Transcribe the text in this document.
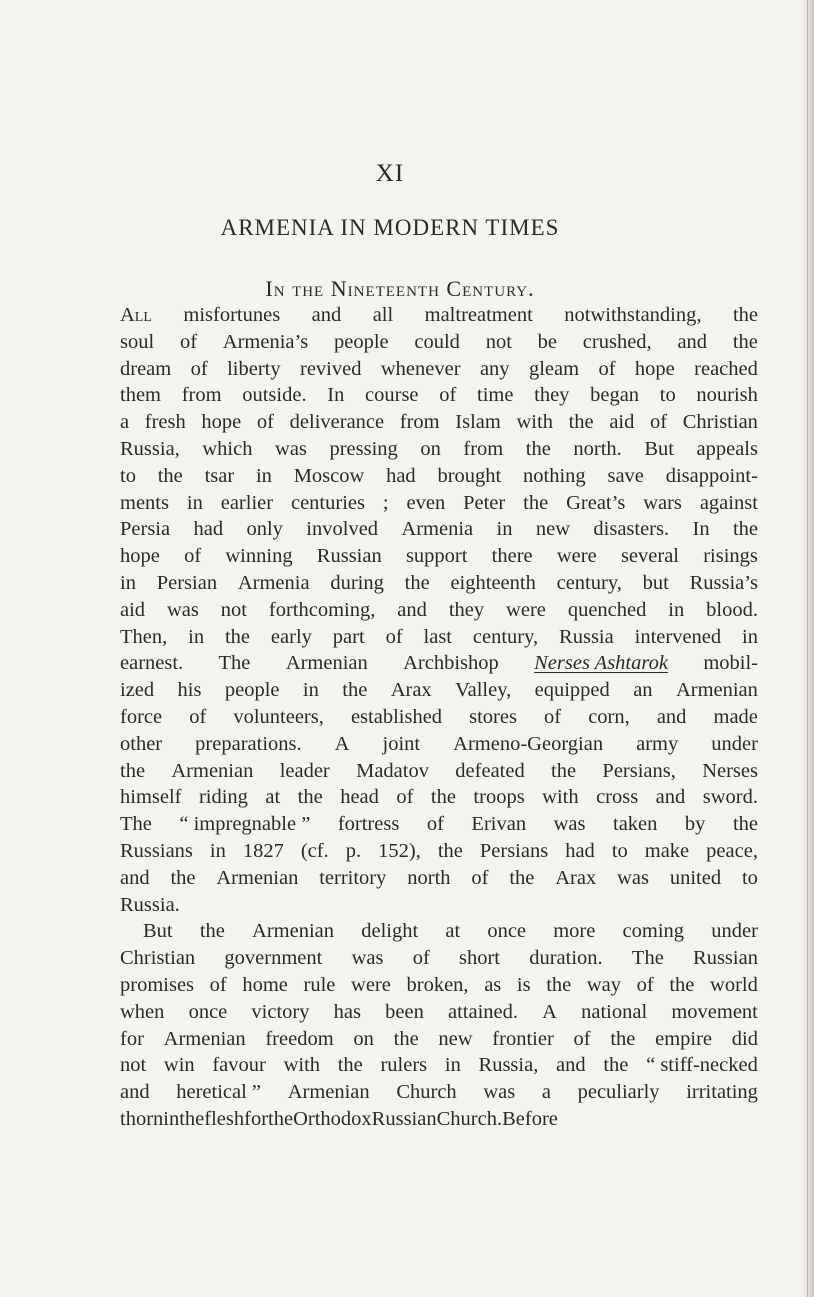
XI
ARMENIA IN MODERN TIMES
In the Nineteenth Century.
All misfortunes and all maltreatment notwithstanding, the
soul of Armenia’s people could not be crushed, and the
dream of liberty revived whenever any gleam of hope reached
them from outside. In course of time they began to nourish
a fresh hope of deliverance from Islam with the aid of Christian
Russia, which was pressing on from the north. But appeals
to the tsar in Moscow had brought nothing save disappoint-
ments in earlier centuries ; even Peter the Great’s wars against
Persia had only involved Armenia in new disasters. In the
hope of winning Russian support there were several risings
in Persian Armenia during the eighteenth century, but Russia’s
aid was not forthcoming, and they were quenched in blood.
Then, in the early part of last century, Russia intervened in
earnest. The Armenian Archbishop Nerses Ashtarok mobil-
ized his people in the Arax Valley, equipped an Armenian
force of volunteers, established stores of corn, and made
other preparations. A joint Armeno-Georgian army under
the Armenian leader Madatov defeated the Persians, Nerses
himself riding at the head of the troops with cross and sword.
The “ impregnable ” fortress of Erivan was taken by the
Russians in 1827 (cf. p. 152), the Persians had to make peace,
and the Armenian territory north of the Arax was united to
Russia.
But the Armenian delight at once more coming under
Christian government was of short duration. The Russian
promises of home rule were broken, as is the way of the world
when once victory has been attained. A national movement
for Armenian freedom on the new frontier of the empire did
not win favour with the rulers in Russia, and the “ stiff-necked
and heretical ” Armenian Church was a peculiarly irritating
thorn in the flesh for the Orthodox Russian Church. Before
